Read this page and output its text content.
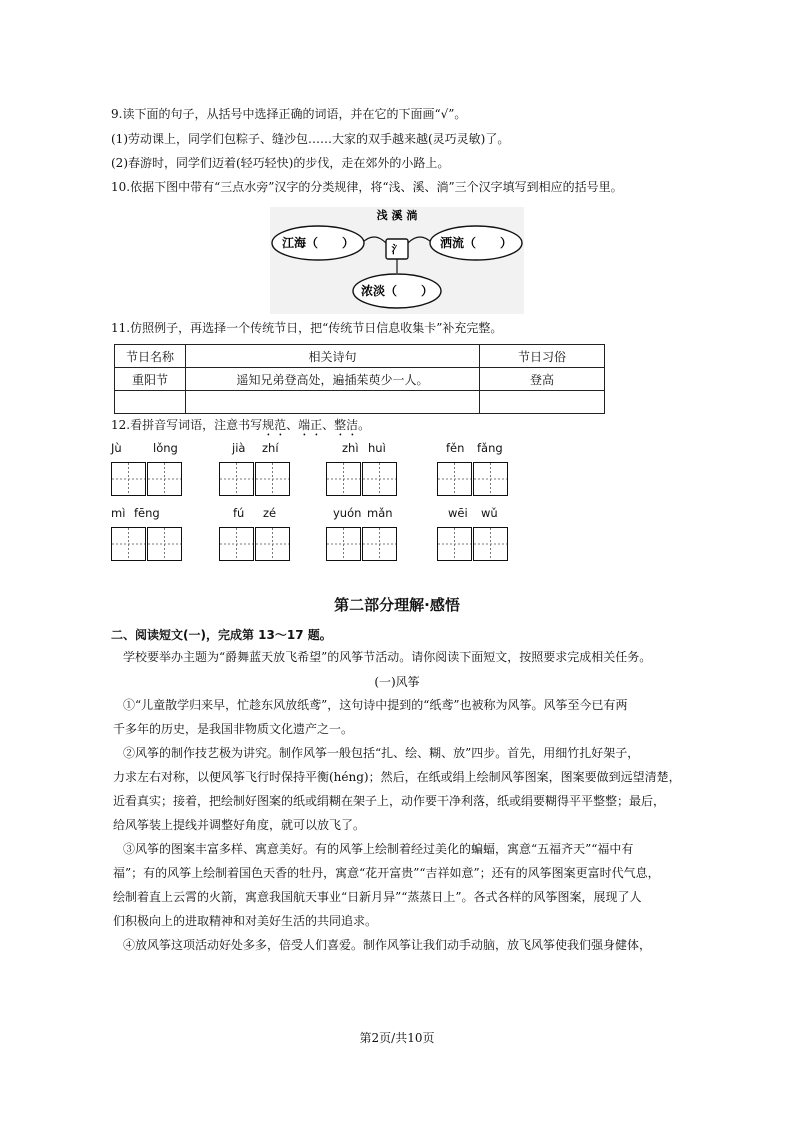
9.读下面的句子，从括号中选择正确的词语，并在它的下面画“√”。
(1)劳动课上，同学们包粽子、缝沙包……大家的双手越来越(灵巧灵敏)了。
(2)春游时，同学们迈着(轻巧轻快)的步伐，走在郊外的小路上。
10.依据下图中带有“三点水旁”汉字的分类规律，将“浅、溪、淌”三个汉字填写到相应的括号里。
浅 溪 淌
江海（　　）	洒流（　　）
浓淡（　　）
氵
11.仿照例子，再选择一个传统节日，把“传统节日信息收集卡”补充完整。
节日名称	相关诗句	节日习俗
重阳节	遥知兄弟登高处，遍插茱萸少一人。	登高

12.看拼音写词语，注意书写规范、端正、整洁。
Jù	lǒng	jià zhí	zhì huì	fěn fǎng
mì fēng	fú zé	yuón mǎn	wēi wǔ
第二部分理解·感悟
二、阅读短文(一)，完成第 13～17 题。
学校要举办主题为“爵舞蓝天放飞希望”的风筝节活动。请你阅读下面短文，按照要求完成相关任务。
(一)风筝
①“儿童散学归来早，忙趁东风放纸鸢”，这句诗中提到的“纸鸢”也被称为风筝。风筝至今已有两
千多年的历史，是我国非物质文化遗产之一。
②风筝的制作技艺极为讲究。制作风筝一般包括“扎、绘、糊、放”四步。首先，用细竹扎好架子，
力求左右对称，以便风筝飞行时保持平衡(héng)；然后，在纸或绢上绘制风筝图案，图案要做到远望清楚，
近看真实；接着，把绘制好图案的纸或绢糊在架子上，动作要干净利落，纸或绢要糊得平平整整；最后，
给风筝装上提线并调整好角度，就可以放飞了。
③风筝的图案丰富多样、寓意美好。有的风筝上绘制着经过美化的蝙蝠，寓意“五福齐天”“福中有
福”；有的风筝上绘制着国色天香的牡丹，寓意“花开富贵”“吉祥如意”；还有的风筝图案更富时代气息，
绘制着直上云霄的火箭，寓意我国航天事业“日新月异”“蒸蒸日上”。各式各样的风筝图案，展现了人
们积极向上的进取精神和对美好生活的共同追求。
④放风筝这项活动好处多多，倍受人们喜爱。制作风筝让我们动手动脑，放飞风筝使我们强身健体，
第2页/共10页
